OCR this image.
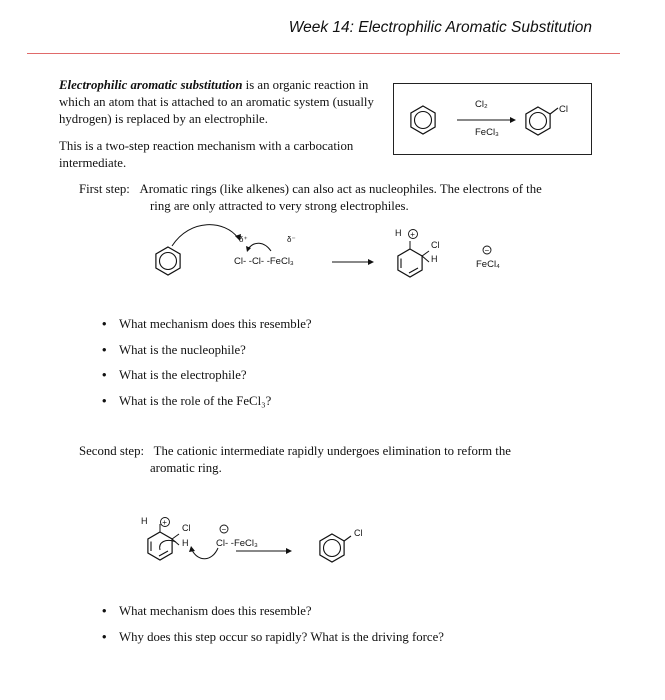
Week 14: Electrophilic Aromatic Substitution
Electrophilic aromatic substitution is an organic reaction in which an atom that is attached to an aromatic system (usually hydrogen) is replaced by an electrophile.
This is a two-step reaction mechanism with a carbocation intermediate.
Cl₂
FeCl₃
Cl
First step: Aromatic rings (like alkenes) can also act as nucleophiles. The electrons of the
ring are only attracted to very strong electrophiles.
δ⁺	δ⁻
Cl- -Cl- -FeCl₃
H +
Cl
H
−
FeCl₄
• What mechanism does this resemble?
• What is the nucleophile?
• What is the electrophile?
• What is the role of the FeCl₃?
Second step: The cationic intermediate rapidly undergoes elimination to reform the
aromatic ring.
H +
Cl
H
−
Cl- -FeCl₃
Cl
• What mechanism does this resemble?
• Why does this step occur so rapidly? What is the driving force?
